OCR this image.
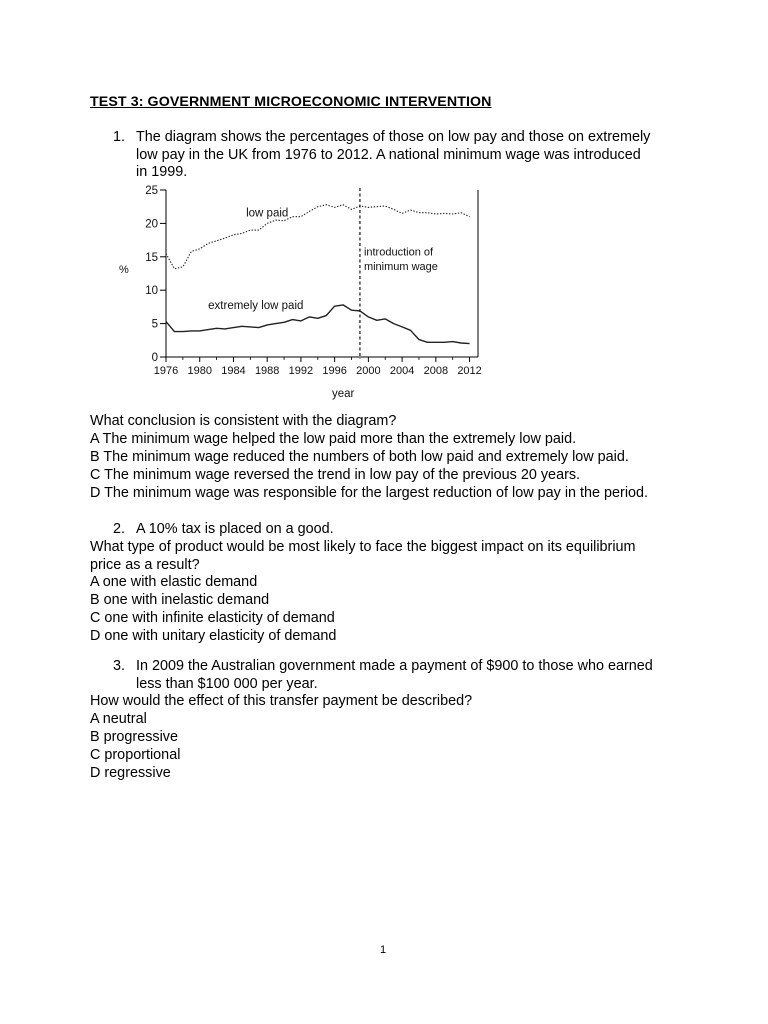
TEST 3: GOVERNMENT MICROECONOMIC INTERVENTION
1. The diagram shows the percentages of those on low pay and those on extremely
low pay in the UK from 1976 to 2012. A national minimum wage was introduced
in 1999.
0
5
10
15
20
25
1976 1980 1984 1988 1992 1996 2000 2004 2008 2012
introduction of
minimum wage
low paid
extremely low paid
%
year
What conclusion is consistent with the diagram?
A The minimum wage helped the low paid more than the extremely low paid.
B The minimum wage reduced the numbers of both low paid and extremely low paid.
C The minimum wage reversed the trend in low pay of the previous 20 years.
D The minimum wage was responsible for the largest reduction of low pay in the period.
2. A 10% tax is placed on a good.
What type of product would be most likely to face the biggest impact on its equilibrium
price as a result?
A one with elastic demand
B one with inelastic demand
C one with infinite elasticity of demand
D one with unitary elasticity of demand
3. In 2009 the Australian government made a payment of $900 to those who earned
less than $100 000 per year.
How would the effect of this transfer payment be described?
A neutral
B progressive
C proportional
D regressive
1
